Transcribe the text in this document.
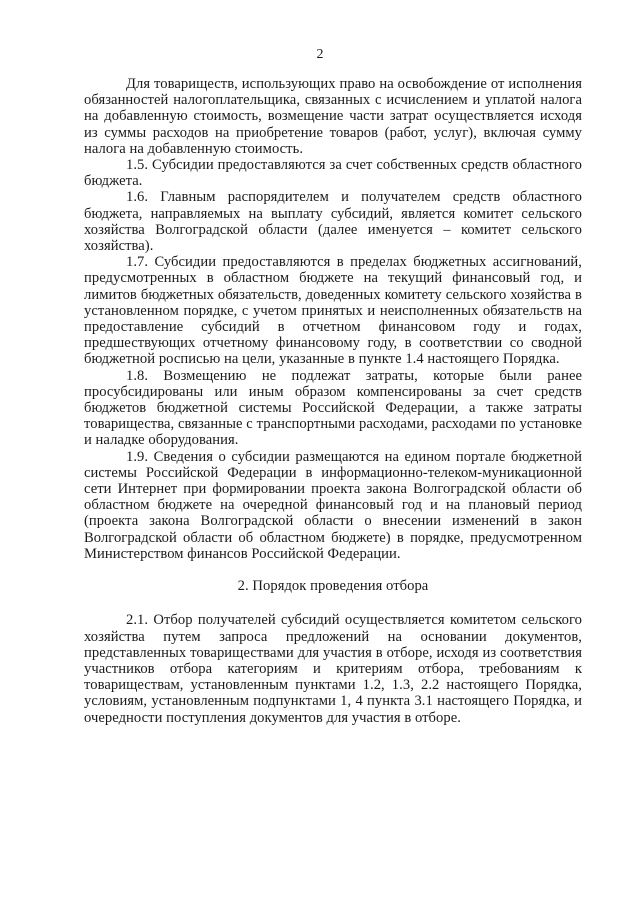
2

Для товариществ, использующих право на освобождение от исполнения обязанностей налогоплательщика, связанных с исчислением и уплатой налога на добавленную стоимость, возмещение части затрат осуществляется исходя из суммы расходов на приобретение товаров (работ, услуг), включая сумму налога на добавленную стоимость.

1.5. Субсидии предоставляются за счет собственных средств областного бюджета.

1.6. Главным распорядителем и получателем средств областного бюджета, направляемых на выплату субсидий, является комитет сельского хозяйства Волгоградской области (далее именуется – комитет сельского хозяйства).

1.7. Субсидии предоставляются в пределах бюджетных ассигнований, предусмотренных в областном бюджете на текущий финансовый год, и лимитов бюджетных обязательств, доведенных комитету сельского хозяйства в установленном порядке, с учетом принятых и неисполненных обязательств на предоставление субсидий в отчетном финансовом году и годах, предшествующих отчетному финансовому году, в соответствии со сводной бюджетной росписью на цели, указанные в пункте 1.4 настоящего Порядка.

1.8. Возмещению не подлежат затраты, которые были ранее просубсидированы или иным образом компенсированы за счет средств бюджетов бюджетной системы Российской Федерации, а также затраты товарищества, связанные с транспортными расходами, расходами по установке и наладке оборудования.

1.9. Сведения о субсидии размещаются на едином портале бюджетной системы Российской Федерации в информационно-телеком-муникационной сети Интернет при формировании проекта закона Волгоградской области об областном бюджете на очередной финансовый год и на плановый период (проекта закона Волгоградской области о внесении изменений в закон Волгоградской области об областном бюджете) в порядке, предусмотренном Министерством финансов Российской Федерации.

2. Порядок проведения отбора

2.1. Отбор получателей субсидий осуществляется комитетом сельского хозяйства путем запроса предложений на основании документов, представленных товариществами для участия в отборе, исходя из соответствия участников отбора категориям и критериям отбора, требованиям к товариществам, установленным пунктами 1.2, 1.3, 2.2 настоящего Порядка, условиям, установленным подпунктами 1, 4 пункта 3.1 настоящего Порядка, и очередности поступления документов для участия в отборе.
